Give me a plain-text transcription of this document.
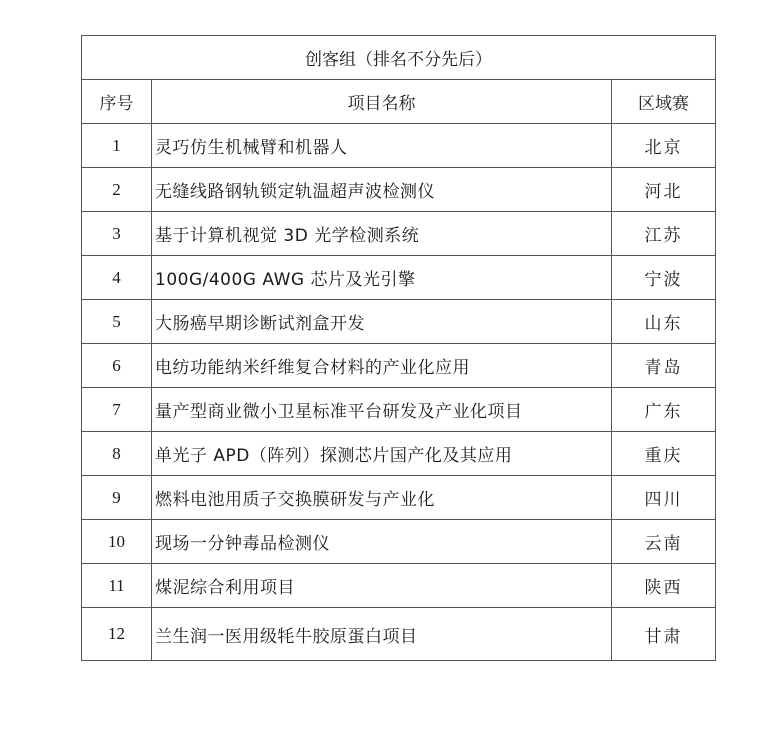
创客组（排名不分先后）		
序号	项目名称	区域赛
1	灵巧仿生机械臂和机器人	北京
2	无缝线路钢轨锁定轨温超声波检测仪	河北
3	基于计算机视觉 3D 光学检测系统	江苏
4	100G/400G AWG 芯片及光引擎	宁波
5	大肠癌早期诊断试剂盒开发	山东
6	电纺功能纳米纤维复合材料的产业化应用	青岛
7	量产型商业微小卫星标准平台研发及产业化项目	广东
8	单光子 APD（阵列）探测芯片国产化及其应用	重庆
9	燃料电池用质子交换膜研发与产业化	四川
10	现场一分钟毒品检测仪	云南
11	煤泥综合利用项目	陕西
12	兰生润一医用级牦牛胶原蛋白项目	甘肃
